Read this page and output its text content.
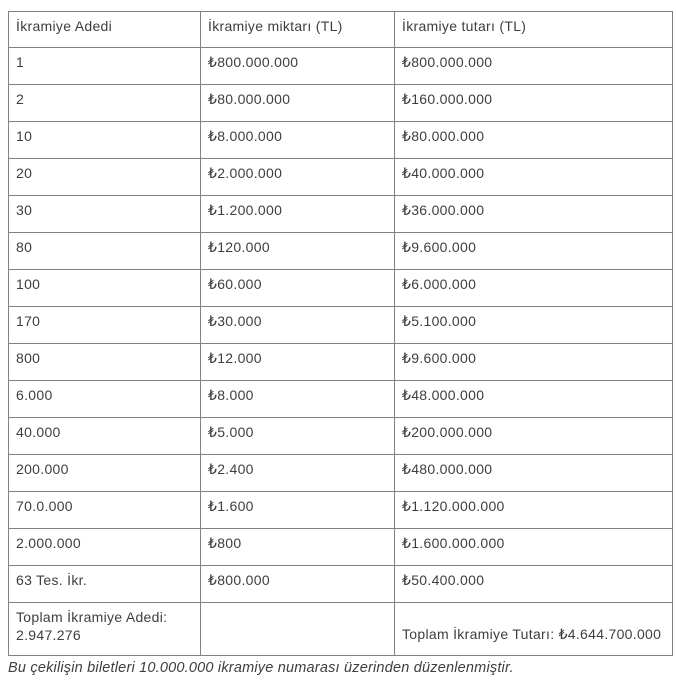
İkramiye Adedi	İkramiye miktarı (TL)	İkramiye tutarı (TL)
1	₺800.000.000	₺800.000.000
2	₺80.000.000	₺160.000.000
10	₺8.000.000	₺80.000.000
20	₺2.000.000	₺40.000.000
30	₺1.200.000	₺36.000.000
80	₺120.000	₺9.600.000
100	₺60.000	₺6.000.000
170	₺30.000	₺5.100.000
800	₺12.000	₺9.600.000
6.000	₺8.000	₺48.000.000
40.000	₺5.000	₺200.000.000
200.000	₺2.400	₺480.000.000
70.0.000	₺1.600	₺1.120.000.000
2.000.000	₺800	₺1.600.000.000
63 Tes. İkr.	₺800.000	₺50.400.000

Toplam İkramiye Adedi:
2.947.276		Toplam İkramiye Tutarı: ₺4.644.700.000

Bu çekilişin biletleri 10.000.000 ikramiye numarası üzerinden düzenlenmiştir.
